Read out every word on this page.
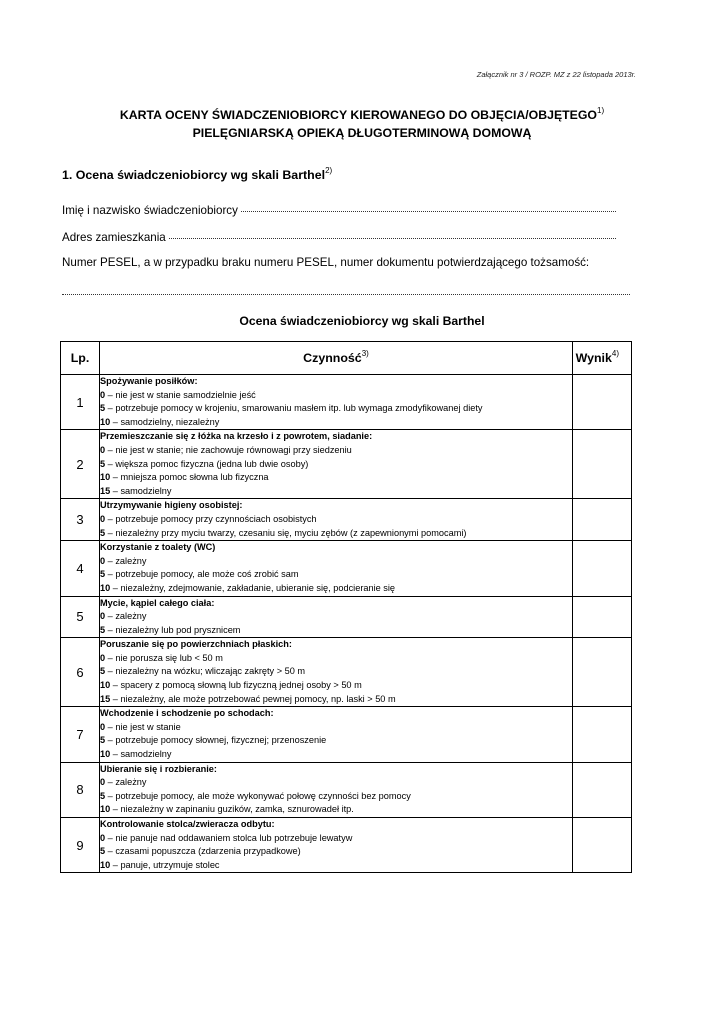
Załącznik nr 3 / ROZP. MZ z 22 listopada 2013r.
KARTA OCENY ŚWIADCZENIOBIORCY KIEROWANEGO DO OBJĘCIA/OBJĘTEGO$^{1)}$
PIELĘGNIARSKĄ OPIEKĄ DŁUGOTERMINOWĄ DOMOWĄ
1. Ocena świadczeniobiorcy wg skali Barthel$^{2)}$
Imię i nazwisko świadczeniobiorcy
Adres zamieszkania
Numer PESEL, a w przypadku braku numeru PESEL, numer dokumentu potwierdzającego tożsamość:
Ocena świadczeniobiorcy wg skali Barthel
Lp.	Czynność$^{3)}$	Wynik$^{4)}$

1	Spożywanie posiłków:
0 – nie jest w stanie samodzielnie jeść
5 – potrzebuje pomocy w krojeniu, smarowaniu masłem itp. lub wymaga zmodyfikowanej diety
10 – samodzielny, niezależny	

2	Przemieszczanie się z łóżka na krzesło i z powrotem, siadanie:
0 – nie jest w stanie; nie zachowuje równowagi przy siedzeniu
5 – większa pomoc fizyczna (jedna lub dwie osoby)
10 – mniejsza pomoc słowna lub fizyczna
15 – samodzielny	

3	Utrzymywanie higieny osobistej:
0 – potrzebuje pomocy przy czynnościach osobistych
5 – niezależny przy myciu twarzy, czesaniu się, myciu zębów (z zapewnionymi pomocami)	

4	Korzystanie z toalety (WC)
0 – zależny
5 – potrzebuje pomocy, ale może coś zrobić sam
10 – niezależny, zdejmowanie, zakładanie, ubieranie się, podcieranie się	

5	Mycie, kąpiel całego ciała:
0 – zależny
5 – niezależny lub pod prysznicem	

6	Poruszanie się po powierzchniach płaskich:
0 – nie porusza się lub < 50 m
5 – niezależny na wózku; wliczając zakręty > 50 m
10 – spacery z pomocą słowną lub fizyczną jednej osoby > 50 m
15 – niezależny, ale może potrzebować pewnej pomocy, np. laski > 50 m	

7	Wchodzenie i schodzenie po schodach:
0 – nie jest w stanie
5 – potrzebuje pomocy słownej, fizycznej; przenoszenie
10 – samodzielny	

8	Ubieranie się i rozbieranie:
0 – zależny
5 – potrzebuje pomocy, ale może wykonywać połowę czynności bez pomocy
10 – niezależny w zapinaniu guzików, zamka, sznurowadeł itp.	

9	Kontrolowanie stolca/zwieracza odbytu:
0 – nie panuje nad oddawaniem stolca lub potrzebuje lewatyw
5 – czasami popuszcza (zdarzenia przypadkowe)
10 – panuje, utrzymuje stolec	
